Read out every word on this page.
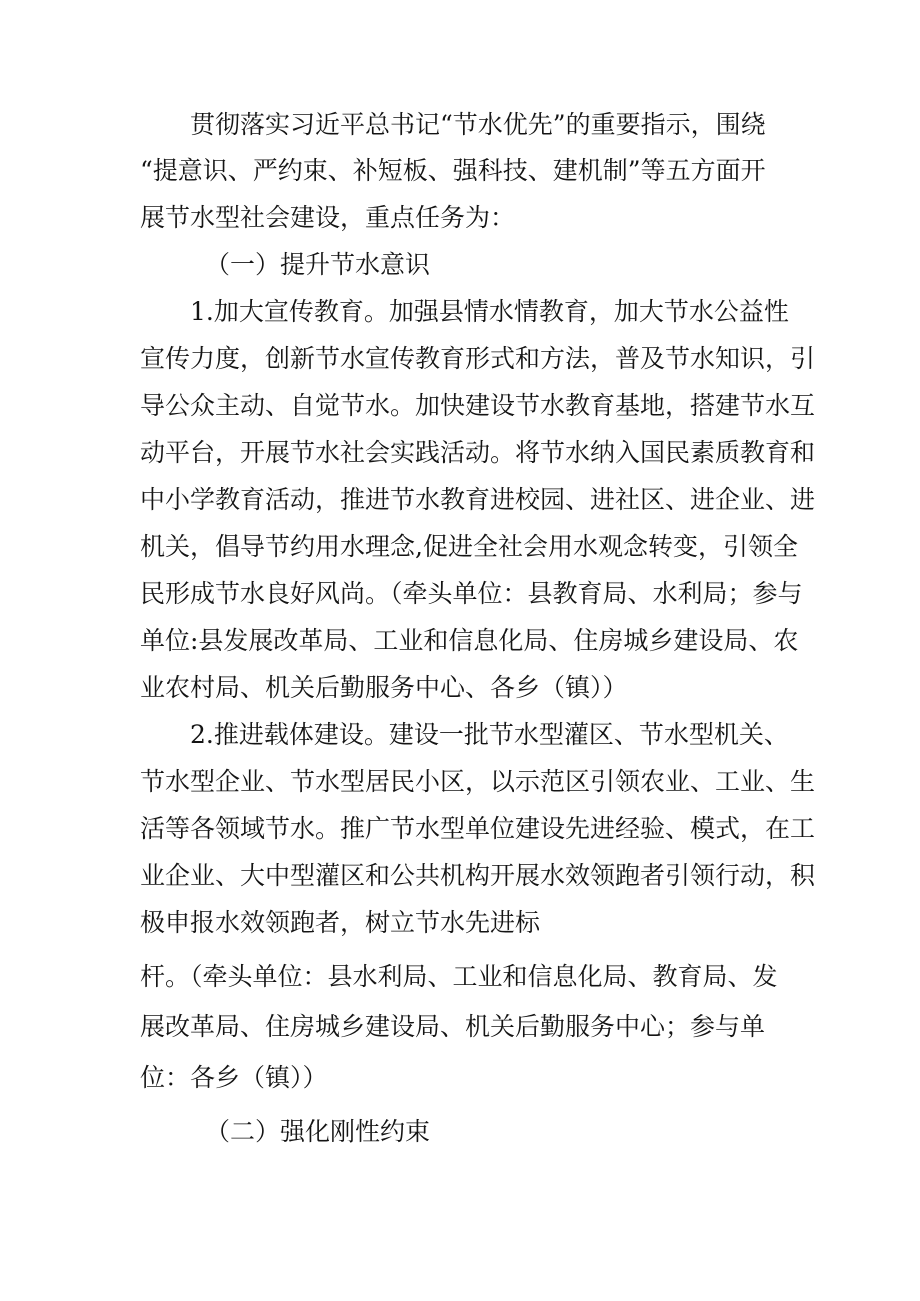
贯彻落实习近平总书记“节水优先”的重要指示，围绕
“提意识、严约束、补短板、强科技、建机制”等五方面开
展节水型社会建设，重点任务为：
（一）提升节水意识
1.加大宣传教育。加强县情水情教育，加大节水公益性
宣传力度，创新节水宣传教育形式和方法，普及节水知识，引
导公众主动、自觉节水。加快建设节水教育基地，搭建节水互
动平台，开展节水社会实践活动。将节水纳入国民素质教育和
中小学教育活动，推进节水教育进校园、进社区、进企业、进
机关，倡导节约用水理念,促进全社会用水观念转变，引领全
民形成节水良好风尚。（牵头单位：县教育局、水利局；参与
单位:县发展改革局、工业和信息化局、住房城乡建设局、农
业农村局、机关后勤服务中心、各乡（镇））
2.推进载体建设。建设一批节水型灌区、节水型机关、
节水型企业、节水型居民小区，以示范区引领农业、工业、生
活等各领域节水。推广节水型单位建设先进经验、模式，在工
业企业、大中型灌区和公共机构开展水效领跑者引领行动，积
极申报水效领跑者，树立节水先进标
杆。（牵头单位：县水利局、工业和信息化局、教育局、发
展改革局、住房城乡建设局、机关后勤服务中心；参与单
位：各乡（镇））
（二）强化刚性约束
